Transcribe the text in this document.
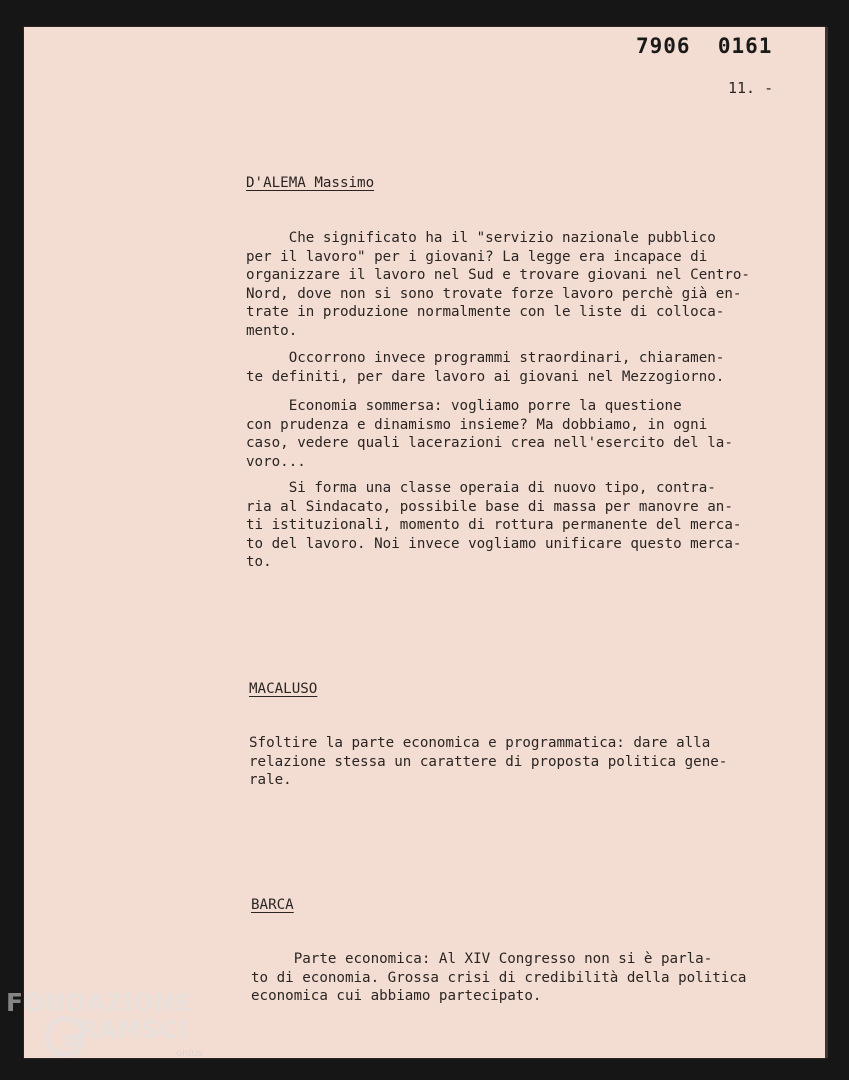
7906  0161
11. -
D'ALEMA Massimo

Che significato ha il "servizio nazionale pubblico
per il lavoro" per i giovani? La legge era incapace di
organizzare il lavoro nel Sud e trovare giovani nel Centro-
Nord, dove non si sono trovate forze lavoro perchè già en-
trate in produzione normalmente con le liste di colloca-
mento.

Occorrono invece programmi straordinari, chiaramen-
te definiti, per dare lavoro ai giovani nel Mezzogiorno.

Economia sommersa: vogliamo porre la questione
con prudenza e dinamismo insieme? Ma dobbiamo, in ogni
caso, vedere quali lacerazioni crea nell'esercito del la-
voro...

Si forma una classe operaia di nuovo tipo, contra-
ria al Sindacato, possibile base di massa per manovre an-
ti istituzionali, momento di rottura permanente del merca-
to del lavoro. Noi invece vogliamo unificare questo merca-
to.

MACALUSO

Sfoltire la parte economica e programmatica: dare alla
relazione stessa un carattere di proposta politica gene-
rale.

BARCA

Parte economica: Al XIV Congresso non si è parla-
to di economia. Grossa crisi di credibilità della politica
economica cui abbiamo partecipato.

FONDAZIONE
RAMSCI
onlus
